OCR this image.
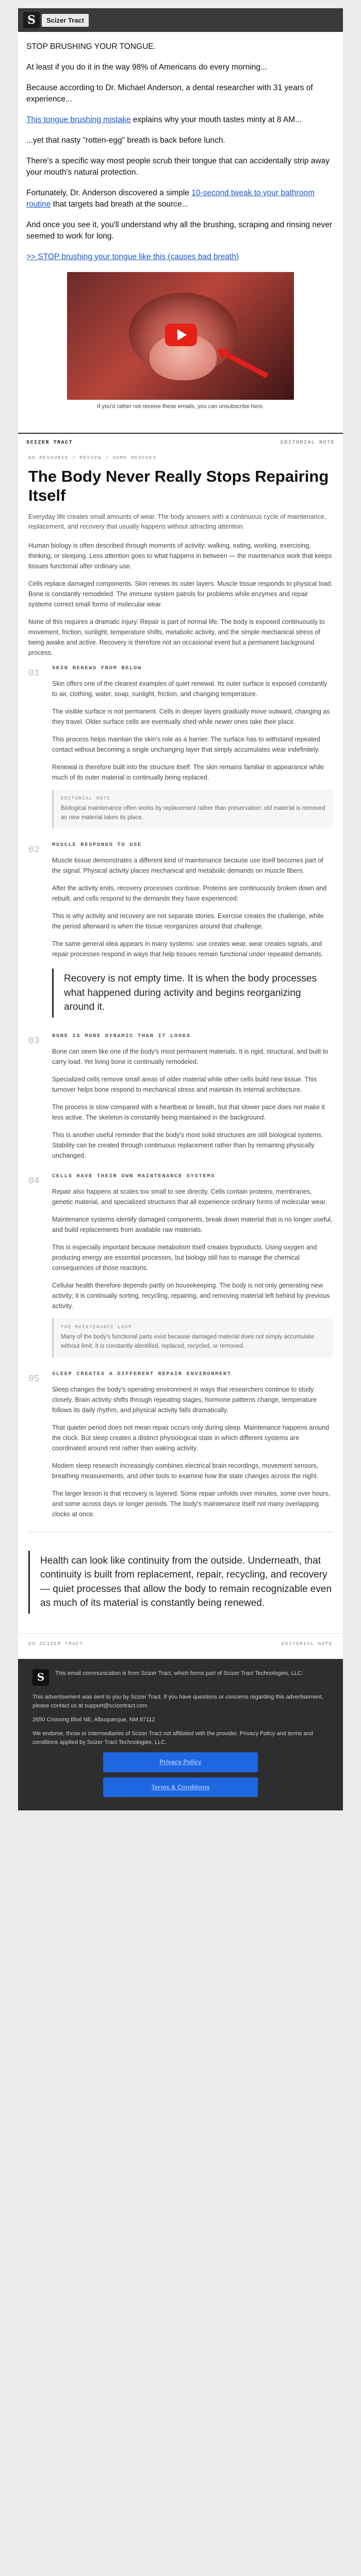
S	Scizer Tract

STOP BRUSHING YOUR TONGUE.

At least if you do it in the way 98% of Americans do every morning...

Because according to Dr. Michael Anderson, a dental researcher with 31 years of experience...

This tongue brushing mistake explains why your mouth tastes minty at 8 AM...

...yet that nasty "rotten-egg" breath is back before lunch.

There's a specific way most people scrub their tongue that can accidentally strip away your mouth's natural protection.

Fortunately, Dr. Anderson discovered a simple 10-second tweak to your bathroom routine that targets bad breath at the source...

And once you see it, you'll understand why all the brushing, scraping and rinsing never seemed to work for long.

>> STOP brushing your tongue like this (causes bad breath)

If you'd rather not receive these emails, you can unsubscribe here.
SCIZER TRACT	EDITORIAL NOTE
NO RESOURCE / REVIEW / HOME RESCUES
The Body Never Really Stops Repairing Itself

Everyday life creates small amounts of wear. The body answers with a continuous cycle of maintenance, replacement, and recovery that usually happens without attracting attention.

Human biology is often described through moments of activity: walking, eating, working, exercising, thinking, or sleeping. Less attention goes to what happens in between — the maintenance work that keeps tissues functional after ordinary use.

Cells replace damaged components. Skin renews its outer layers. Muscle tissue responds to physical load. Bone is constantly remodeled. The immune system patrols for problems while enzymes and repair systems correct small forms of molecular wear.

None of this requires a dramatic injury. Repair is part of normal life. The body is exposed continuously to movement, friction, sunlight, temperature shifts, metabolic activity, and the simple mechanical stress of being awake and active. Recovery is therefore not an occasional event but a permanent background process.

01	SKIN RENEWS FROM BELOW

Skin offers one of the clearest examples of quiet renewal. Its outer surface is exposed constantly to air, clothing, water, soap, sunlight, friction, and changing temperature.

The visible surface is not permanent. Cells in deeper layers gradually move outward, changing as they travel. Older surface cells are eventually shed while newer ones take their place.

This process helps maintain the skin's role as a barrier. The surface has to withstand repeated contact without becoming a single unchanging layer that simply accumulates wear indefinitely.

Renewal is therefore built into the structure itself. The skin remains familiar in appearance while much of its outer material is continually being replaced.

EDITORIAL NOTE
Biological maintenance often works by replacement rather than preservation: old material is removed as new material takes its place.
02	MUSCLE RESPONDS TO USE

Muscle tissue demonstrates a different kind of maintenance because use itself becomes part of the signal. Physical activity places mechanical and metabolic demands on muscle fibers.

After the activity ends, recovery processes continue. Proteins are continuously broken down and rebuilt, and cells respond to the demands they have experienced.

This is why activity and recovery are not separate stories. Exercise creates the challenge, while the period afterward is when the tissue reorganizes around that challenge.

The same general idea appears in many systems: use creates wear, wear creates signals, and repair processes respond in ways that help tissues remain functional under repeated demands.

Recovery is not empty time. It is when the body processes what happened during activity and begins reorganizing around it.
03	BONE IS MORE DYNAMIC THAN IT LOOKS

Bone can seem like one of the body's most permanent materials. It is rigid, structural, and built to carry load. Yet living bone is continually remodeled.

Specialized cells remove small areas of older material while other cells build new tissue. This turnover helps bone respond to mechanical stress and maintain its internal architecture.

The process is slow compared with a heartbeat or breath, but that slower pace does not make it less active. The skeleton is constantly being maintained in the background.

This is another useful reminder that the body's most solid structures are still biological systems. Stability can be created through continuous replacement rather than by remaining physically unchanged.

04	CELLS HAVE THEIR OWN MAINTENANCE SYSTEMS

Repair also happens at scales too small to see directly. Cells contain proteins, membranes, genetic material, and specialized structures that all experience ordinary forms of molecular wear.

Maintenance systems identify damaged components, break down material that is no longer useful, and build replacements from available raw materials.

This is especially important because metabolism itself creates byproducts. Using oxygen and producing energy are essential processes, but biology still has to manage the chemical consequences of those reactions.

Cellular health therefore depends partly on housekeeping. The body is not only generating new activity; it is continually sorting, recycling, repairing, and removing material left behind by previous activity.

THE MAINTENANCE LOOP
Many of the body's functional parts exist because damaged material does not simply accumulate without limit. It is constantly identified, replaced, recycled, or removed.
05	SLEEP CREATES A DIFFERENT REPAIR ENVIRONMENT

Sleep changes the body's operating environment in ways that researchers continue to study closely. Brain activity shifts through repeating stages, hormone patterns change, temperature follows its daily rhythm, and physical activity falls dramatically.

That quieter period does not mean repair occurs only during sleep. Maintenance happens around the clock. But sleep creates a distinct physiological state in which different systems are coordinated around rest rather than waking activity.

Modern sleep research increasingly combines electrical brain recordings, movement sensors, breathing measurements, and other tools to examine how the state changes across the night.

The larger lesson is that recovery is layered. Some repair unfolds over minutes, some over hours, and some across days or longer periods. The body's maintenance itself not many overlapping clocks at once.

Health can look like continuity from the outside. Underneath, that continuity is built from replacement, repair, recycling, and recovery — quiet processes that allow the body to remain recognizable even as much of its material is constantly being renewed.
DO SCIZER TRACT	EDITORIAL NOTE
S	This email communication is from Scizer Tract, which forms part of Scizer Tract Technologies, LLC.

This advertisement was sent to you by Scizer Tract. If you have questions or concerns regarding this advertisement, please contact us at support@scizertract.com

2650 Crossing Blvd NE, Albuquerque, NM 87112

We endorse, those or intermediaries of Scizer Tract not affiliated with the provider. Privacy Policy and terms and conditions applied by Scizer Tract Technologies, LLC.

Privacy Policy
Terms & Conditions
